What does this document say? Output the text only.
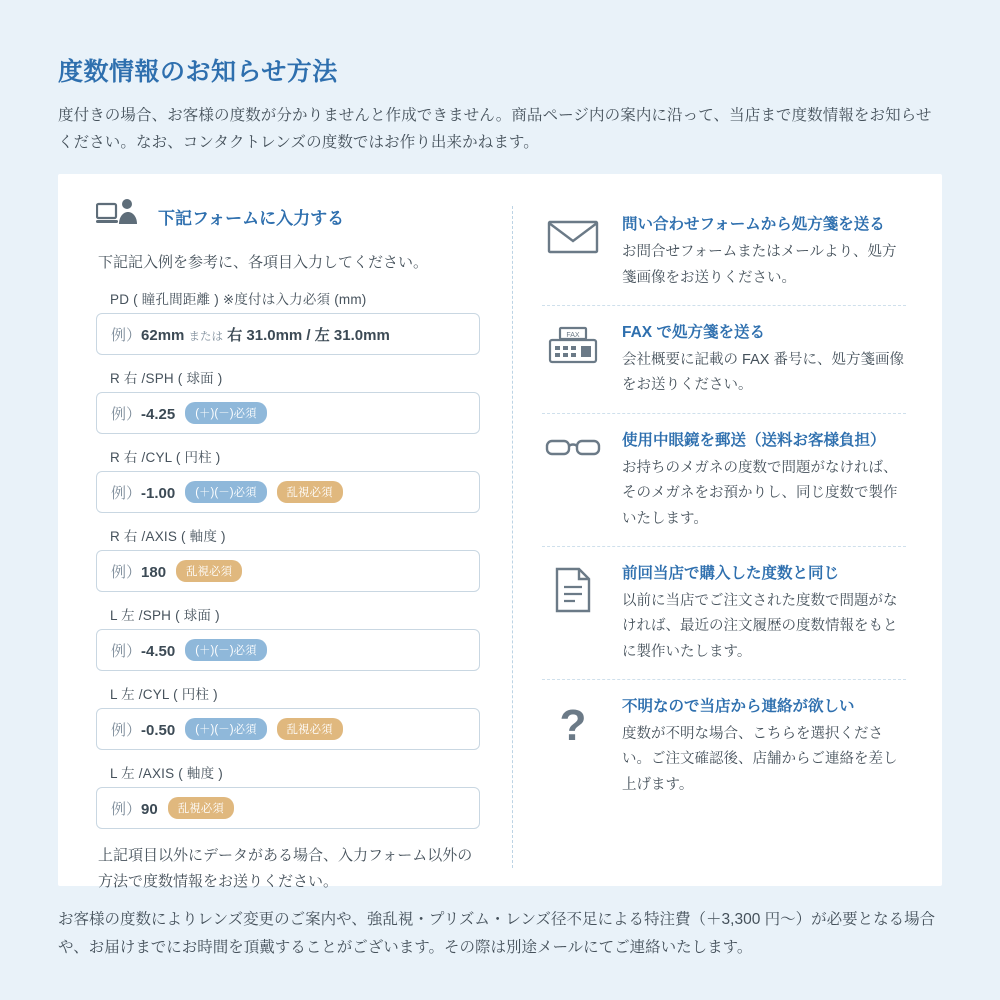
度数情報のお知らせ方法
度付きの場合、お客様の度数が分かりませんと作成できません。商品ページ内の案内に沿って、当店まで度数情報をお知らせください。なお、コンタクトレンズの度数ではお作り出来かねます。
下記フォームに入力する
下記記入例を参考に、各項目入力してください。
PD ( 瞳孔間距離 ) ※度付は入力必須 (mm)
例）62mm または 右 31.0mm / 左 31.0mm
R 右 /SPH ( 球面 )
例）-4.25	(＋)(－)必須
R 右 /CYL ( 円柱 )
例）-1.00	(＋)(－)必須	乱視必須
R 右 /AXIS ( 軸度 )
例）180	乱視必須
L 左 /SPH ( 球面 )
例）-4.50	(＋)(－)必須
L 左 /CYL ( 円柱 )
例）-0.50	(＋)(－)必須	乱視必須
L 左 /AXIS ( 軸度 )
例）90	乱視必須
上記項目以外にデータがある場合、入力フォーム以外の方法で度数情報をお送りください。
問い合わせフォームから処方箋を送る
お問合せフォームまたはメールより、処方箋画像をお送りください。
FAX	FAX で処方箋を送る
会社概要に記載の FAX 番号に、処方箋画像をお送りください。
使用中眼鏡を郵送（送料お客様負担）
お持ちのメガネの度数で問題がなければ、そのメガネをお預かりし、同じ度数で製作いたします。
前回当店で購入した度数と同じ
以前に当店でご注文された度数で問題がなければ、最近の注文履歴の度数情報をもとに製作いたします。
? 不明なので当店から連絡が欲しい
度数が不明な場合、こちらを選択ください。ご注文確認後、店舗からご連絡を差し上げます。
お客様の度数によりレンズ変更のご案内や、強乱視・プリズム・レンズ径不足による特注費（＋3,300 円〜）が必要となる場合や、お届けまでにお時間を頂戴することがございます。その際は別途メールにてご連絡いたします。
